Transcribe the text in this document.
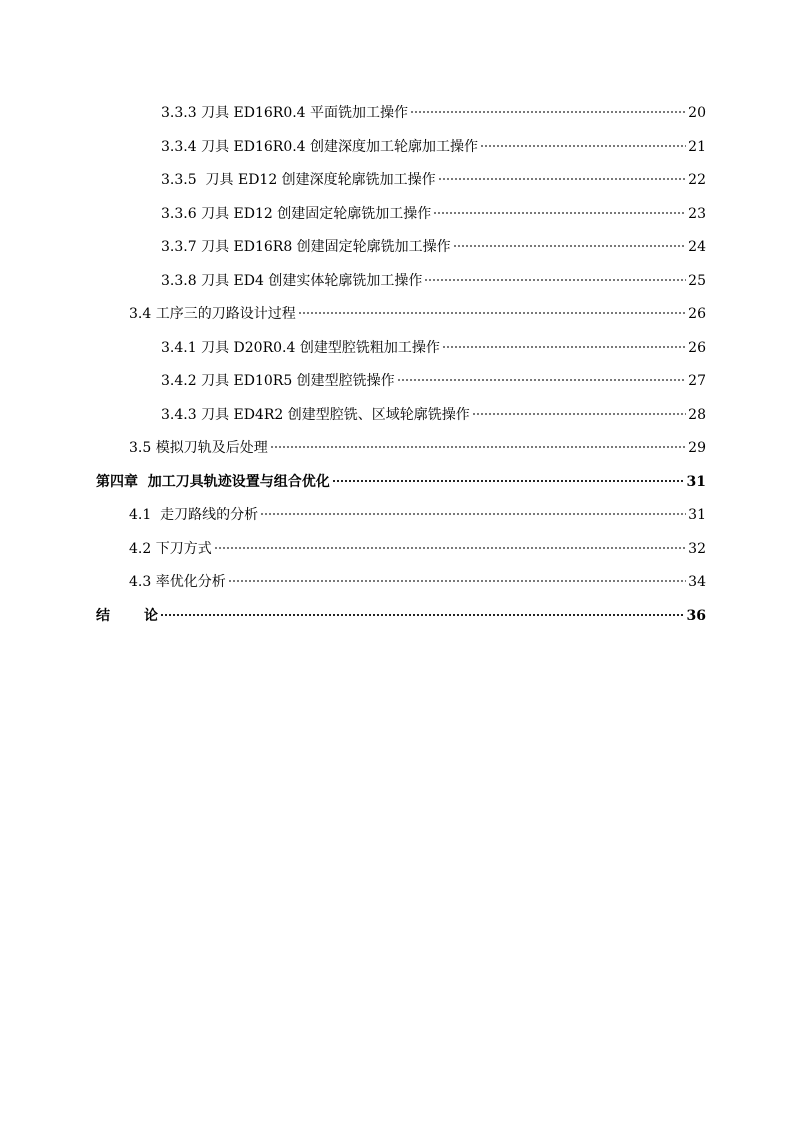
3.3.3 刀具 ED16R0.4 平面铣加工操作	20
3.3.4 刀具 ED16R0.4 创建深度加工轮廓加工操作	21
3.3.5  刀具 ED12 创建深度轮廓铣加工操作	22
3.3.6 刀具 ED12 创建固定轮廓铣加工操作	23
3.3.7 刀具 ED16R8 创建固定轮廓铣加工操作	24
3.3.8 刀具 ED4 创建实体轮廓铣加工操作	25
3.4 工序三的刀路设计过程	26
3.4.1 刀具 D20R0.4 创建型腔铣粗加工操作	26
3.4.2 刀具 ED10R5 创建型腔铣操作	27
3.4.3 刀具 ED4R2 创建型腔铣、区域轮廓铣操作	28
3.5 模拟刀轨及后处理	29
第四章  加工刀具轨迹设置与组合优化	31
4.1  走刀路线的分析	31
4.2 下刀方式	32
4.3 率优化分析	34
结 论	36
